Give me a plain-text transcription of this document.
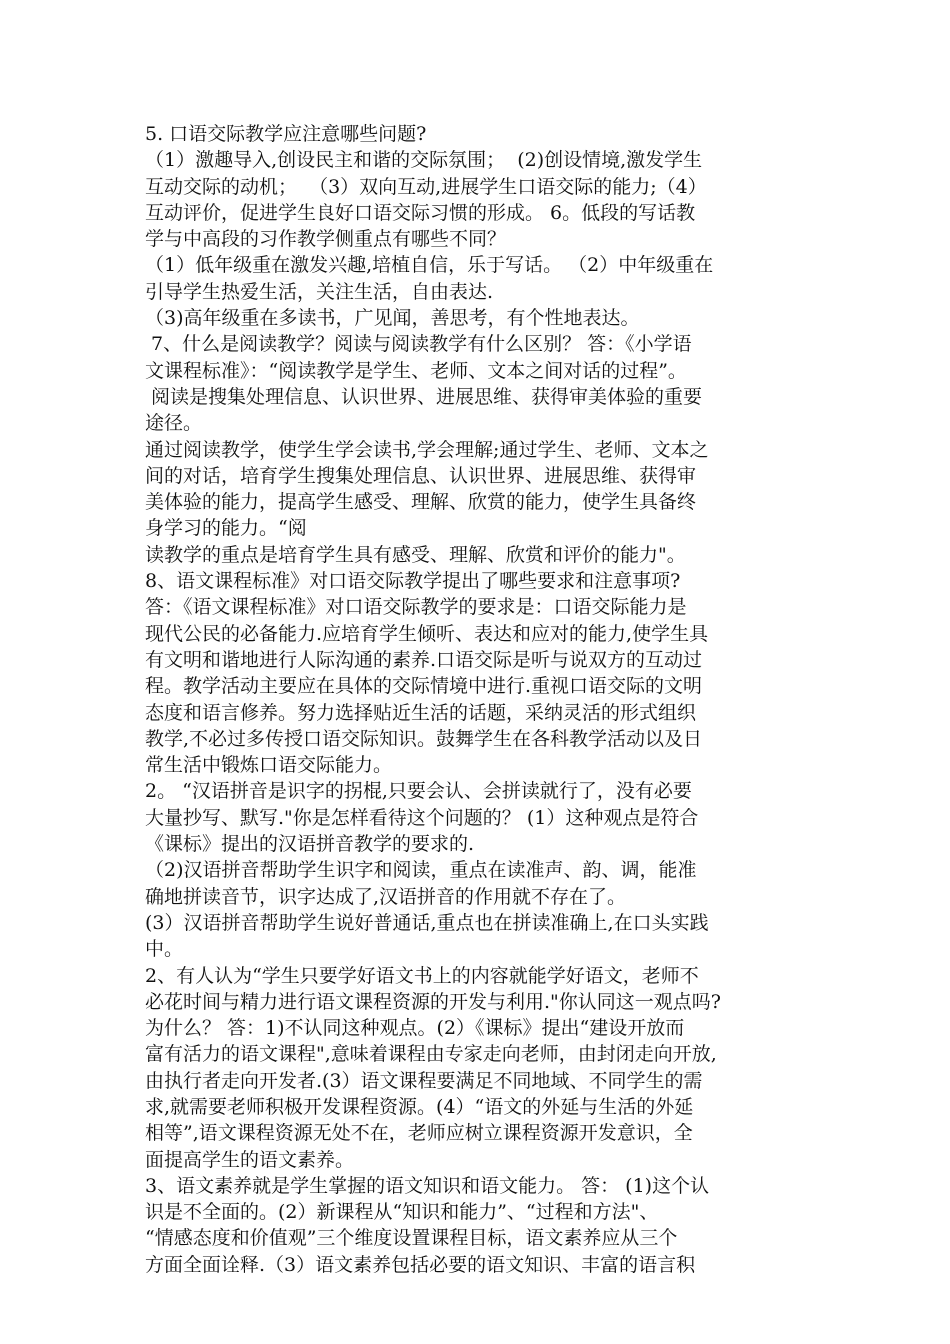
5. 口语交际教学应注意哪些问题?
（1）激趣导入,创设民主和谐的交际氛围；  (2)创设情境,激发学生
互动交际的动机；  （3）双向互动,进展学生口语交际的能力;（4）
互动评价，促进学生良好口语交际习惯的形成。 6。低段的写话教
学与中高段的习作教学侧重点有哪些不同？
（1）低年级重在激发兴趣,培植自信，乐于写话。 （2）中年级重在
引导学生热爱生活，关注生活，自由表达.
（3)高年级重在多读书，广见闻，善思考，有个性地表达。
7、什么是阅读教学？阅读与阅读教学有什么区别？ 答：《小学语
文课程标准》：“阅读教学是学生、老师、文本之间对话的过程”。
阅读是搜集处理信息、认识世界、进展思维、获得审美体验的重要
途径。
通过阅读教学，使学生学会读书,学会理解;通过学生、老师、文本之
间的对话，培育学生搜集处理信息、认识世界、进展思维、获得审
美体验的能力，提高学生感受、理解、欣赏的能力，使学生具备终
身学习的能力。“阅
读教学的重点是培育学生具有感受、理解、欣赏和评价的能力"。
8、语文课程标准》对口语交际教学提出了哪些要求和注意事项?
答：《语文课程标准》对口语交际教学的要求是：口语交际能力是
现代公民的必备能力.应培育学生倾听、表达和应对的能力,使学生具
有文明和谐地进行人际沟通的素养.口语交际是听与说双方的互动过
程。教学活动主要应在具体的交际情境中进行.重视口语交际的文明
态度和语言修养。努力选择贴近生活的话题，采纳灵活的形式组织
教学,不必过多传授口语交际知识。鼓舞学生在各科教学活动以及日
常生活中锻炼口语交际能力。
2。 “汉语拼音是识字的拐棍,只要会认、会拼读就行了，没有必要
大量抄写、默写."你是怎样看待这个问题的？ (1）这种观点是符合
《课标》提出的汉语拼音教学的要求的.
（2)汉语拼音帮助学生识字和阅读，重点在读准声、韵、调，能准
确地拼读音节，识字达成了,汉语拼音的作用就不存在了。
(3）汉语拼音帮助学生说好普通话,重点也在拼读准确上,在口头实践
中。
2、有人认为“学生只要学好语文书上的内容就能学好语文，老师不
必花时间与精力进行语文课程资源的开发与利用."你认同这一观点吗?
为什么？ 答：1)不认同这种观点。(2）《课标》提出“建设开放而
富有活力的语文课程",意味着课程由专家走向老师，由封闭走向开放,
由执行者走向开发者.(3）语文课程要满足不同地域、不同学生的需
求,就需要老师积极开发课程资源。(4）“语文的外延与生活的外延
相等”,语文课程资源无处不在，老师应树立课程资源开发意识，全
面提高学生的语文素养。
3、语文素养就是学生掌握的语文知识和语文能力。 答： (1)这个认
识是不全面的。(2）新课程从“知识和能力”、“过程和方法"、
“情感态度和价值观”三个维度设置课程目标，语文素养应从三个
方面全面诠释.（3）语文素养包括必要的语文知识、丰富的语言积
